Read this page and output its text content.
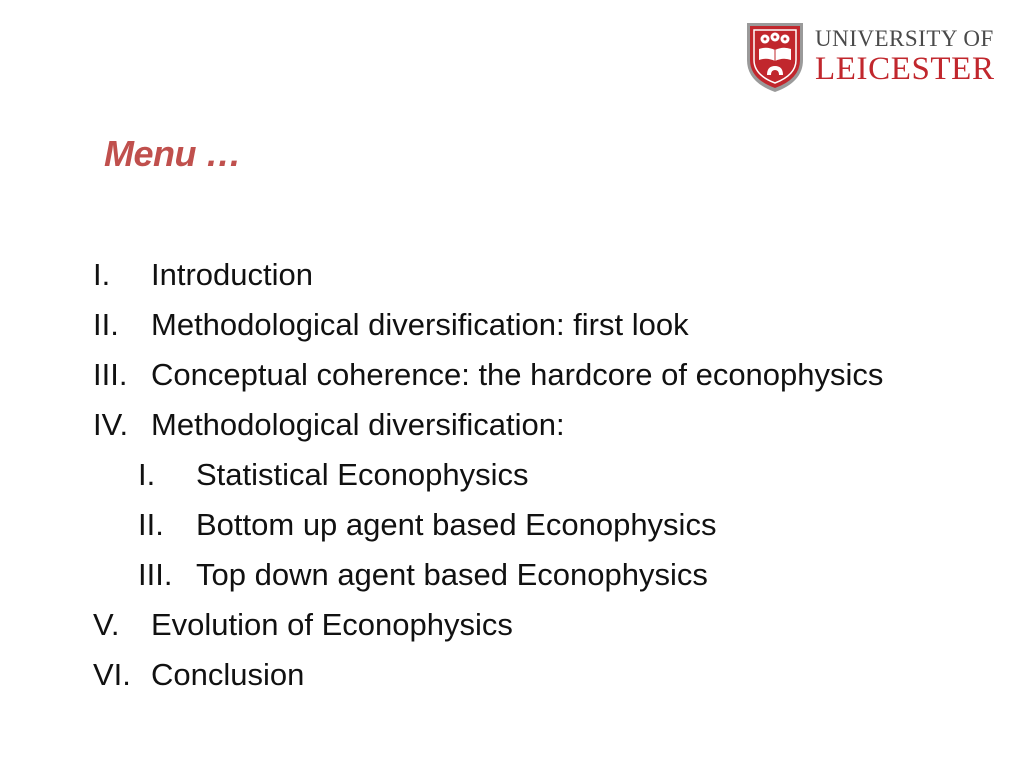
UNIVERSITY OF
LEICESTER
Menu …
I.	Introduction
II.	Methodological diversification: first look
III. Conceptual coherence: the hardcore of econophysics
IV. Methodological diversification:
I.	Statistical Econophysics
II.	Bottom up agent based Econophysics
III. Top down agent based Econophysics
V.	Evolution of Econophysics
VI. Conclusion
